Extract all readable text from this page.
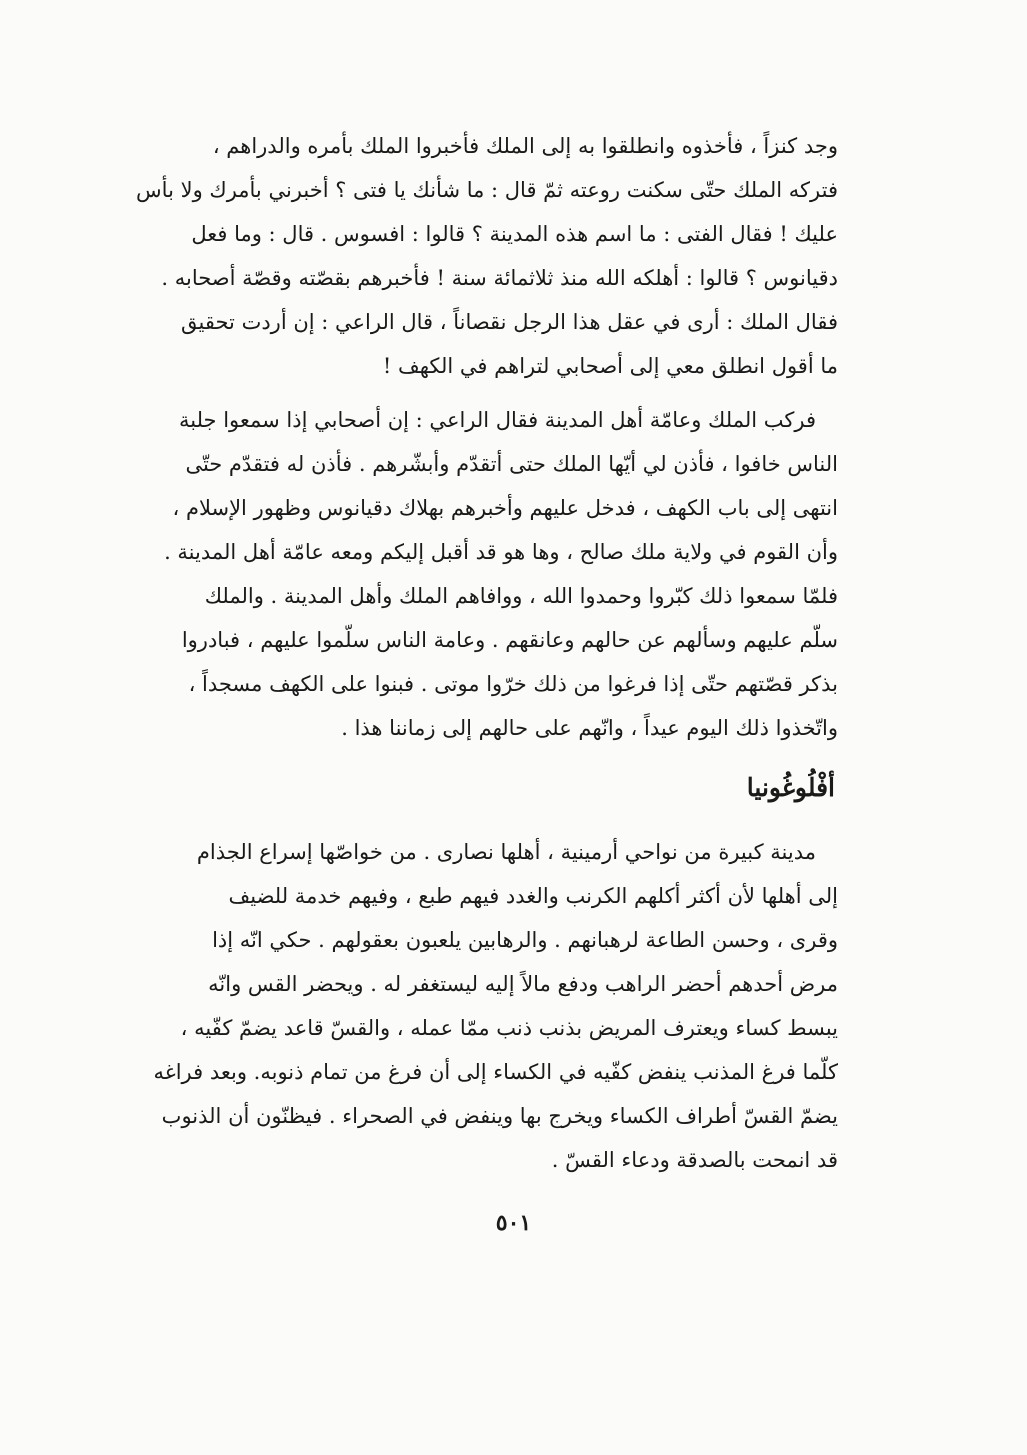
وجد كنزاً ، فأخذوه وانطلقوا به إلى الملك فأخبروا الملك بأمره والدراهم ،
فتركه الملك حتّى سكنت روعته ثمّ قال : ما شأنك يا فتى ؟ أخبرني بأمرك ولا بأس
عليك ! فقال الفتى : ما اسم هذه المدينة ؟ قالوا : افسوس . قال : وما فعل
دقيانوس ؟ قالوا : أهلكه الله منذ ثلاثمائة سنة ! فأخبرهم بقصّته وقصّة أصحابه .
فقال الملك : أرى في عقل هذا الرجل نقصاناً ، قال الراعي : إن أردت تحقيق
ما أقول انطلق معي إلى أصحابي لتراهم في الكهف !
فركب الملك وعامّة أهل المدينة فقال الراعي : إن أصحابي إذا سمعوا جلبة
الناس خافوا ، فأذن لي أيّها الملك حتى أتقدّم وأبشّرهم . فأذن له فتقدّم حتّى
انتهى إلى باب الكهف ، فدخل عليهم وأخبرهم بهلاك دقيانوس وظهور الإسلام ،
وأن القوم في ولاية ملك صالح ، وها هو قد أقبل إليكم ومعه عامّة أهل المدينة .
فلمّا سمعوا ذلك كبّروا وحمدوا الله ، ووافاهم الملك وأهل المدينة . والملك
سلّم عليهم وسألهم عن حالهم وعانقهم . وعامة الناس سلّموا عليهم ، فبادروا
بذكر قصّتهم حتّى إذا فرغوا من ذلك خرّوا موتى . فبنوا على الكهف مسجداً ،
واتّخذوا ذلك اليوم عيداً ، وانّهم على حالهم إلى زماننا هذا .
أفْلُوغُونيا
مدينة كبيرة من نواحي أرمينية ، أهلها نصارى . من خواصّها إسراع الجذام
إلى أهلها لأن أكثر أكلهم الكرنب والغدد فيهم طبع ، وفيهم خدمة للضيف
وقرى ، وحسن الطاعة لرهبانهم . والرهابين يلعبون بعقولهم . حكي انّه إذا
مرض أحدهم أحضر الراهب ودفع مالاً إليه ليستغفر له . ويحضر القس وانّه
يبسط كساء ويعترف المريض بذنب ذنب ممّا عمله ، والقسّ قاعد يضمّ كفّيه ،
كلّما فرغ المذنب ينفض كفّيه في الكساء إلى أن فرغ من تمام ذنوبه. وبعد فراغه
يضمّ القسّ أطراف الكساء ويخرج بها وينفض في الصحراء . فيظنّون أن الذنوب
قد انمحت بالصدقة ودعاء القسّ .
٥٠١
